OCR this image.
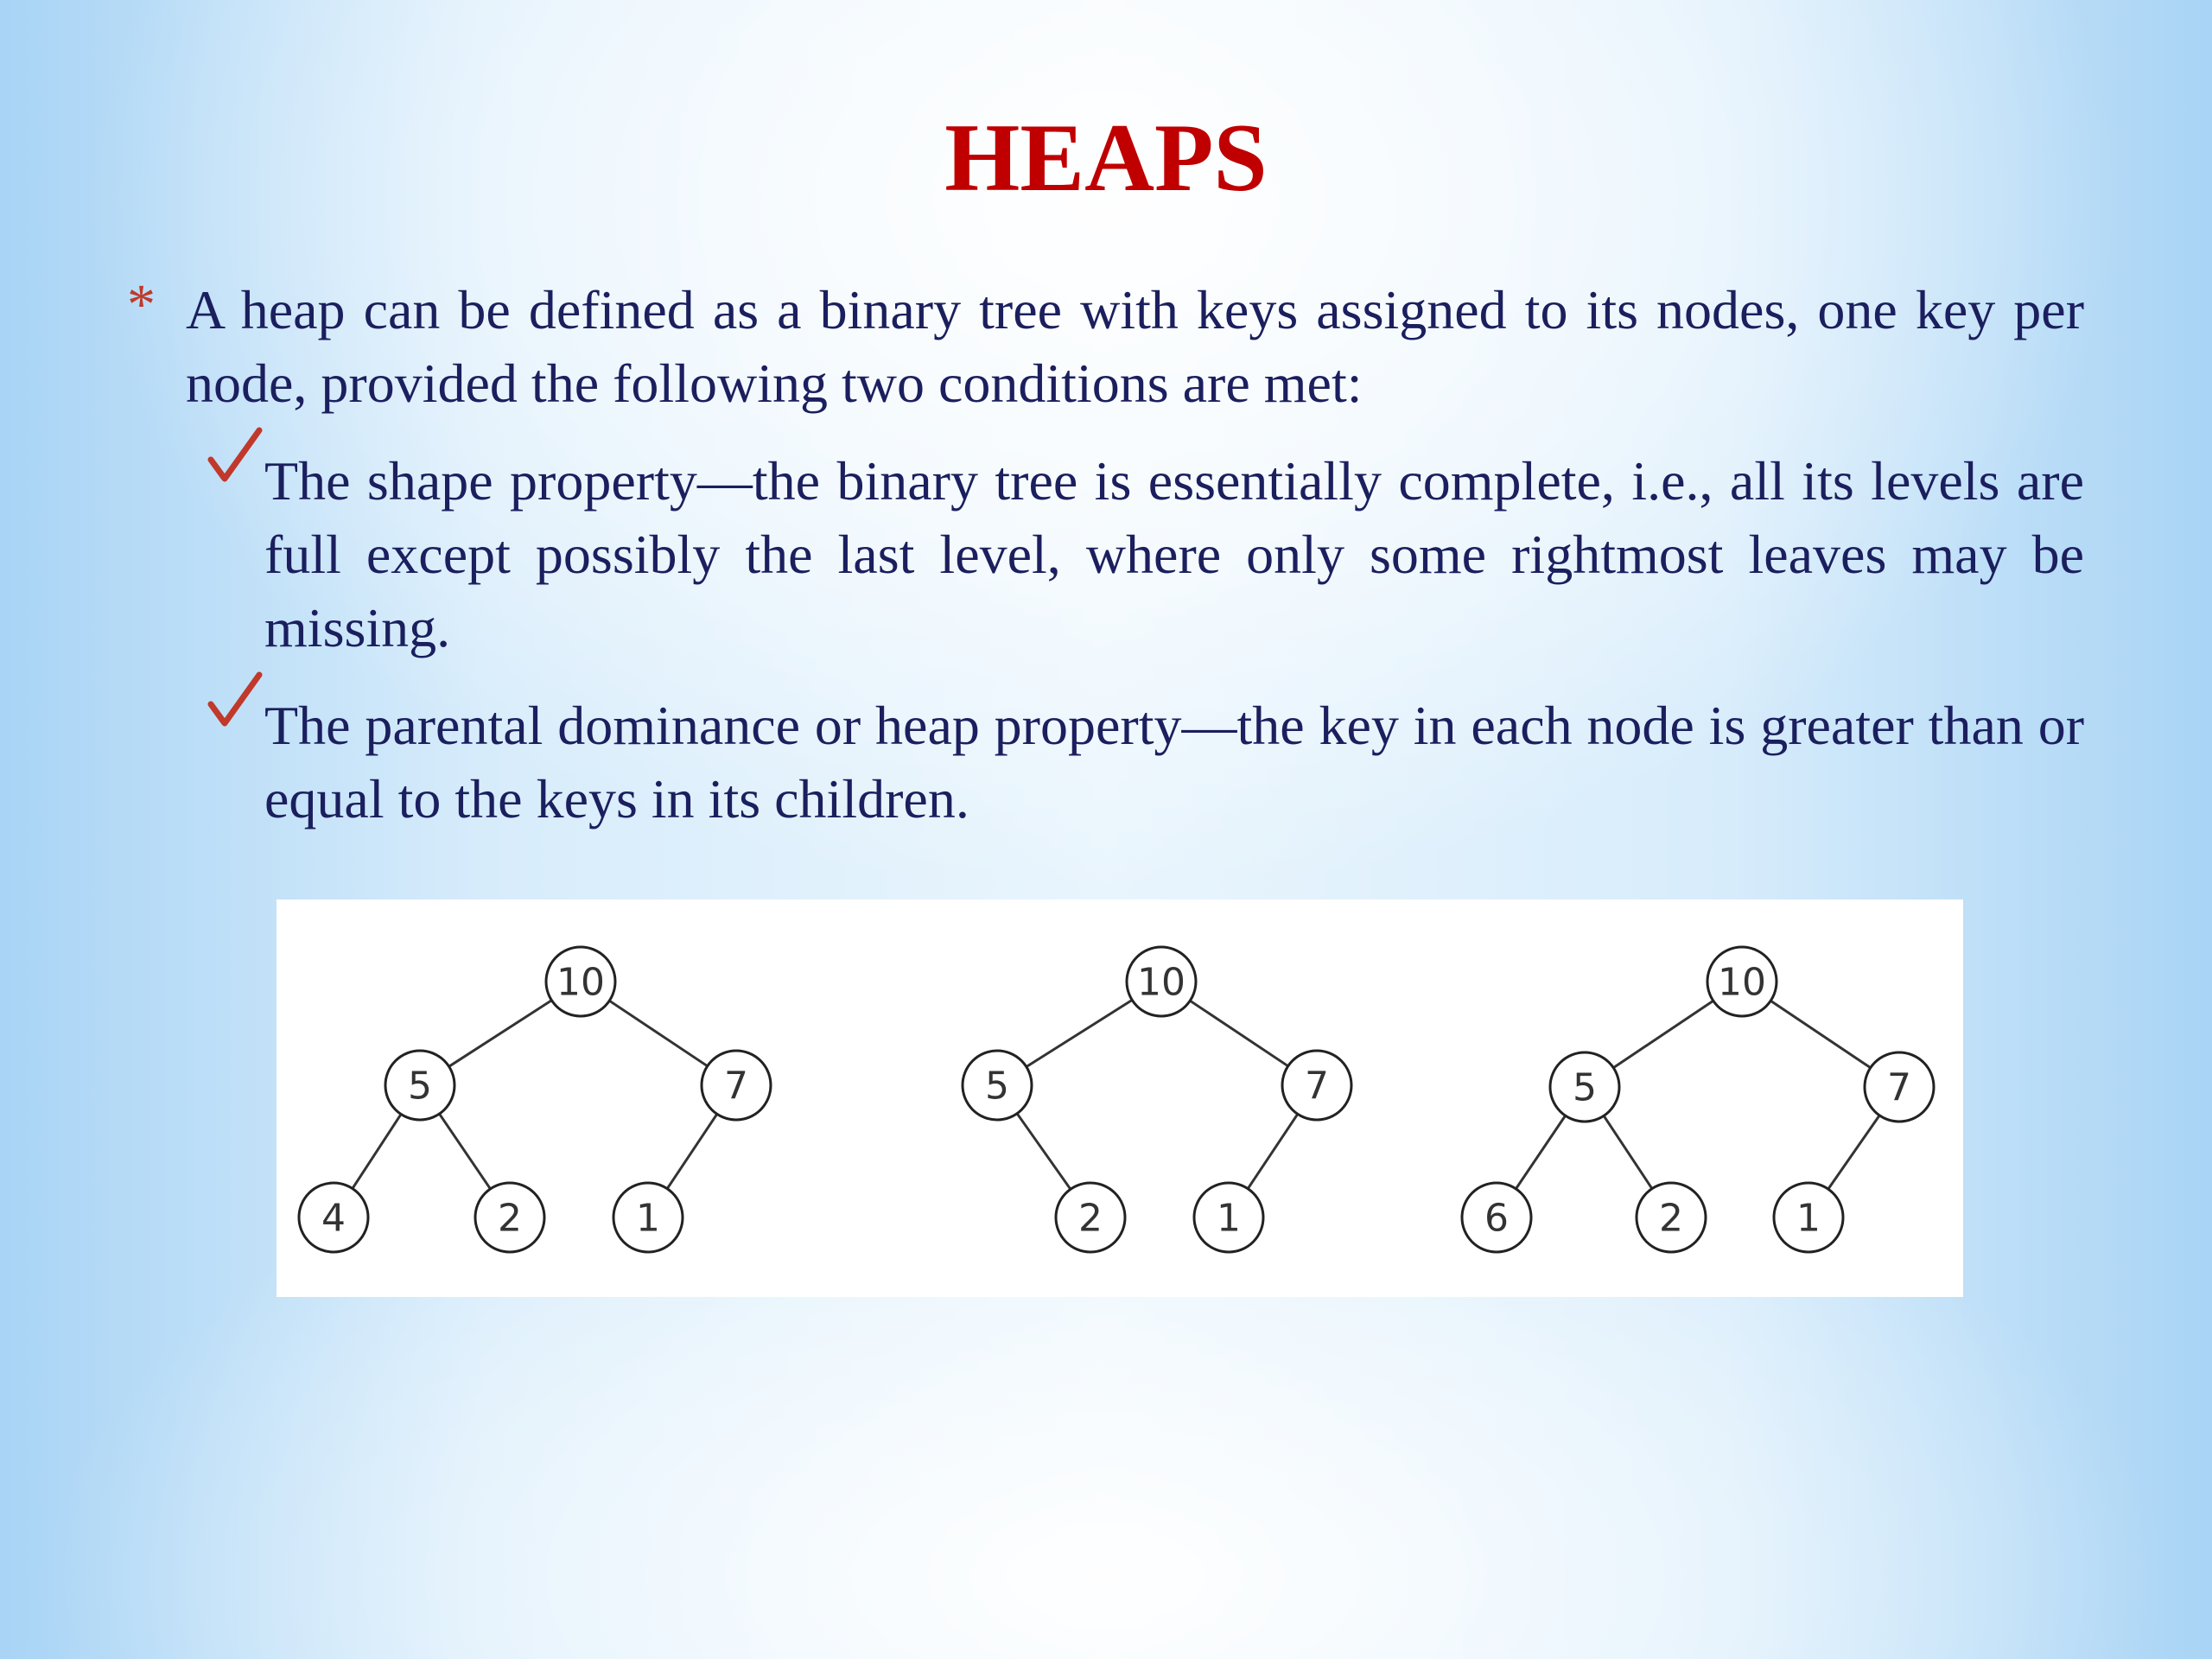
HEAPS
* A heap can be defined as a binary tree with keys assigned to its nodes, one key per node, provided the following two conditions are met:

The shape property—the binary tree is essentially complete, i.e., all its levels are full except possibly the last level, where only some rightmost leaves may be missing.

The parental dominance or heap property—the key in each node is greater than or equal to the keys in its children.

10
5	7
4	2	1
10
5	7
2	1
10
5	7
6	2	1
